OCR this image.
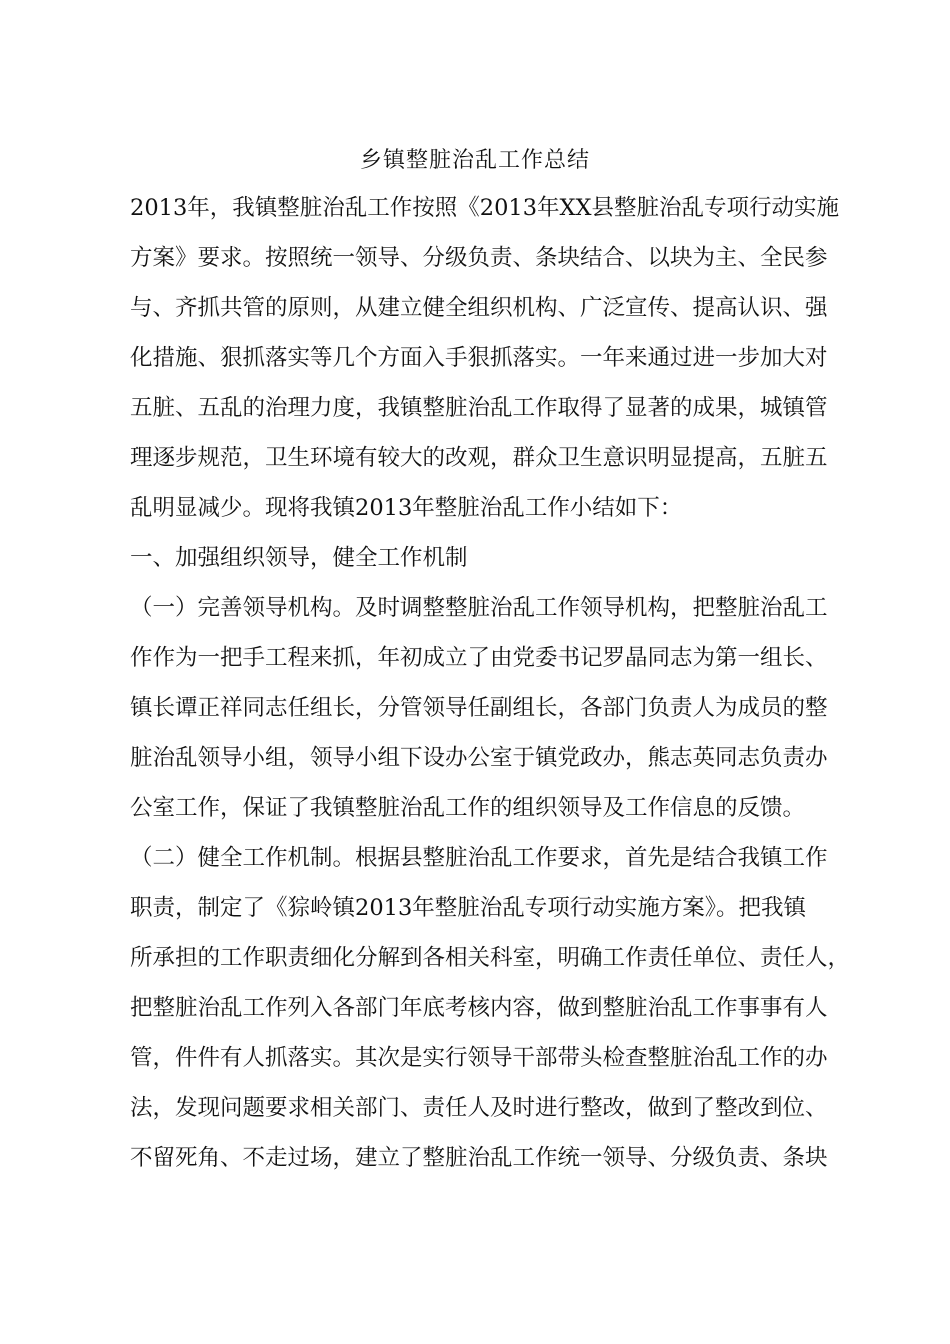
乡镇整脏治乱工作总结
2013年，我镇整脏治乱工作按照《2013年XX县整脏治乱专项行动实施
方案》要求。按照统一领导、分级负责、条块结合、以块为主、全民参
与、齐抓共管的原则，从建立健全组织机构、广泛宣传、提高认识、强
化措施、狠抓落实等几个方面入手狠抓落实。一年来通过进一步加大对
五脏、五乱的治理力度，我镇整脏治乱工作取得了显著的成果，城镇管
理逐步规范，卫生环境有较大的改观，群众卫生意识明显提高，五脏五
乱明显减少。现将我镇2013年整脏治乱工作小结如下：
一、加强组织领导，健全工作机制
（一）完善领导机构。及时调整整脏治乱工作领导机构，把整脏治乱工
作作为一把手工程来抓，年初成立了由党委书记罗晶同志为第一组长、
镇长谭正祥同志任组长，分管领导任副组长，各部门负责人为成员的整
脏治乱领导小组，领导小组下设办公室于镇党政办，熊志英同志负责办
公室工作，保证了我镇整脏治乱工作的组织领导及工作信息的反馈。
（二）健全工作机制。根据县整脏治乱工作要求，首先是结合我镇工作
职责，制定了《猔岭镇2013年整脏治乱专项行动实施方案》。把我镇
所承担的工作职责细化分解到各相关科室，明确工作责任单位、责任人，
把整脏治乱工作列入各部门年底考核内容，做到整脏治乱工作事事有人
管，件件有人抓落实。其次是实行领导干部带头检查整脏治乱工作的办
法，发现问题要求相关部门、责任人及时进行整改，做到了整改到位、
不留死角、不走过场，建立了整脏治乱工作统一领导、分级负责、条块
